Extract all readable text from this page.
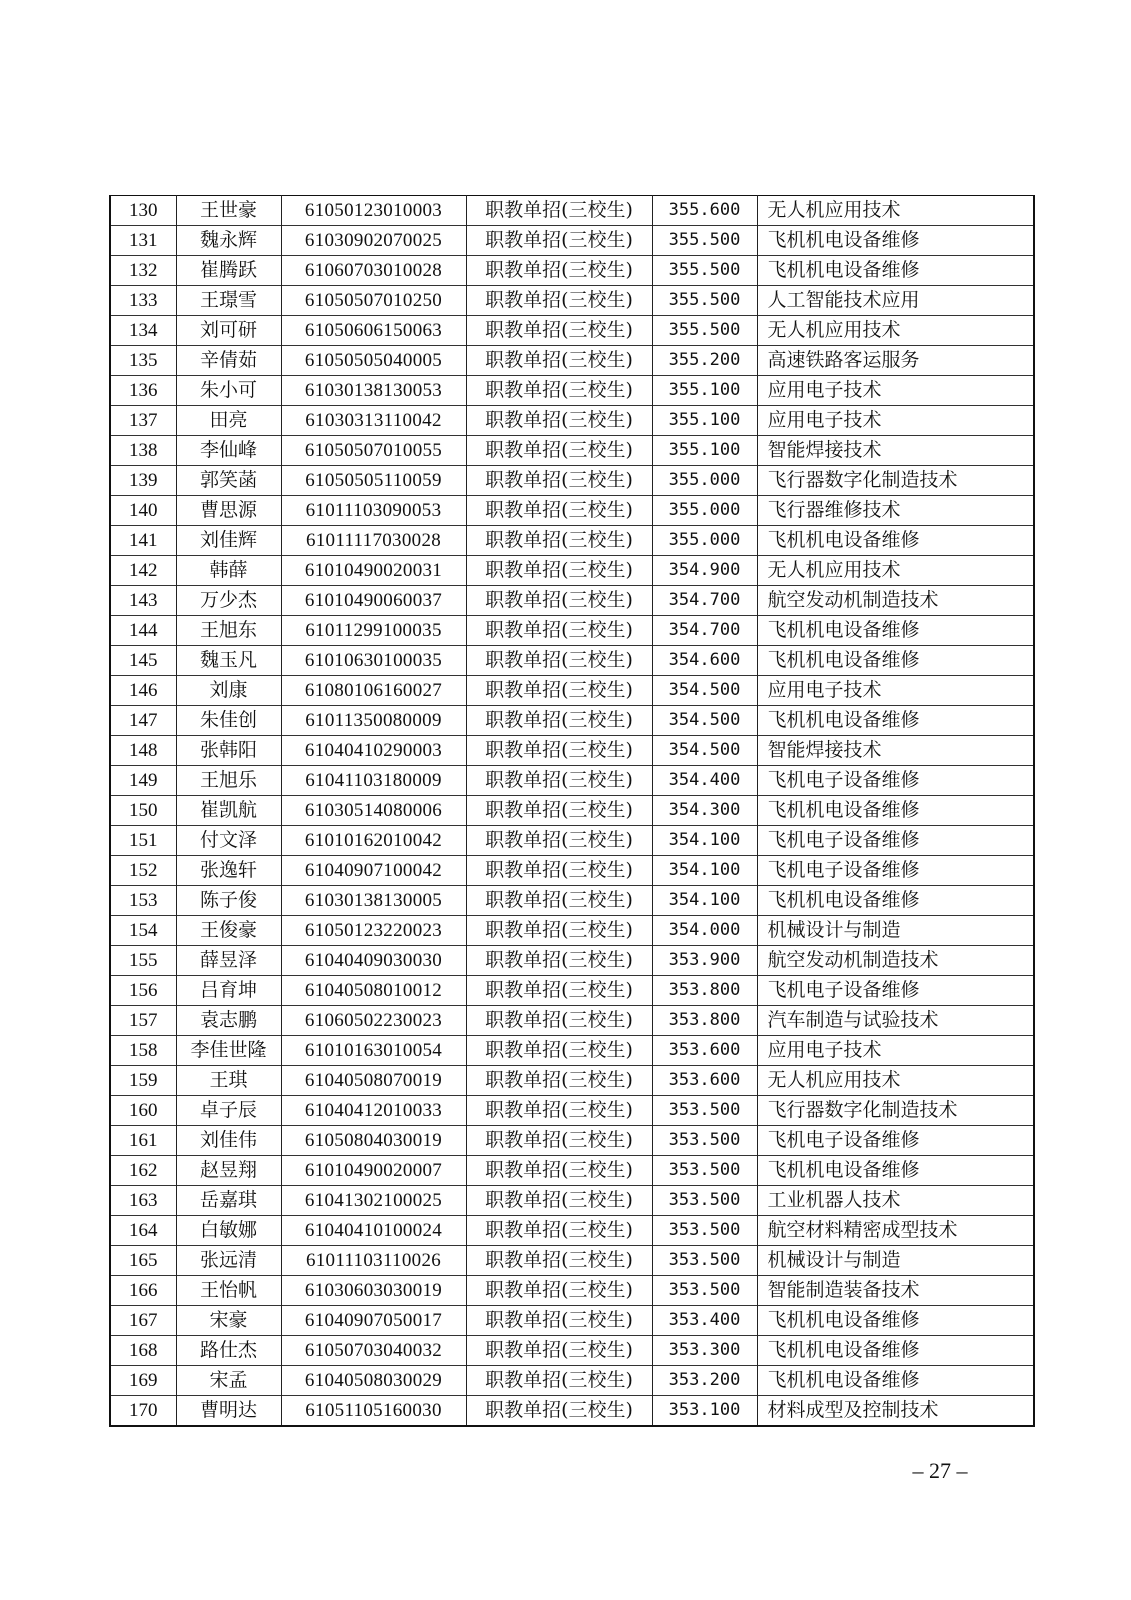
130	王世豪	61050123010003	职教单招(三校生)	355.600	无人机应用技术
131	魏永辉	61030902070025	职教单招(三校生)	355.500	飞机机电设备维修
132	崔腾跃	61060703010028	职教单招(三校生)	355.500	飞机机电设备维修
133	王璟雪	61050507010250	职教单招(三校生)	355.500	人工智能技术应用
134	刘可研	61050606150063	职教单招(三校生)	355.500	无人机应用技术
135	辛倩茹	61050505040005	职教单招(三校生)	355.200	高速铁路客运服务
136	朱小可	61030138130053	职教单招(三校生)	355.100	应用电子技术
137	田亮	61030313110042	职教单招(三校生)	355.100	应用电子技术
138	李仙峰	61050507010055	职教单招(三校生)	355.100	智能焊接技术
139	郭笑菡	61050505110059	职教单招(三校生)	355.000	飞行器数字化制造技术
140	曹思源	61011103090053	职教单招(三校生)	355.000	飞行器维修技术
141	刘佳辉	61011117030028	职教单招(三校生)	355.000	飞机机电设备维修
142	韩薛	61010490020031	职教单招(三校生)	354.900	无人机应用技术
143	万少杰	61010490060037	职教单招(三校生)	354.700	航空发动机制造技术
144	王旭东	61011299100035	职教单招(三校生)	354.700	飞机机电设备维修
145	魏玉凡	61010630100035	职教单招(三校生)	354.600	飞机机电设备维修
146	刘康	61080106160027	职教单招(三校生)	354.500	应用电子技术
147	朱佳创	61011350080009	职教单招(三校生)	354.500	飞机机电设备维修
148	张韩阳	61040410290003	职教单招(三校生)	354.500	智能焊接技术
149	王旭乐	61041103180009	职教单招(三校生)	354.400	飞机电子设备维修
150	崔凯航	61030514080006	职教单招(三校生)	354.300	飞机机电设备维修
151	付文泽	61010162010042	职教单招(三校生)	354.100	飞机电子设备维修
152	张逸轩	61040907100042	职教单招(三校生)	354.100	飞机电子设备维修
153	陈子俊	61030138130005	职教单招(三校生)	354.100	飞机机电设备维修
154	王俊豪	61050123220023	职教单招(三校生)	354.000	机械设计与制造
155	薛昱泽	61040409030030	职教单招(三校生)	353.900	航空发动机制造技术
156	吕育坤	61040508010012	职教单招(三校生)	353.800	飞机电子设备维修
157	袁志鹏	61060502230023	职教单招(三校生)	353.800	汽车制造与试验技术
158	李佳世隆	61010163010054	职教单招(三校生)	353.600	应用电子技术
159	王琪	61040508070019	职教单招(三校生)	353.600	无人机应用技术
160	卓子辰	61040412010033	职教单招(三校生)	353.500	飞行器数字化制造技术
161	刘佳伟	61050804030019	职教单招(三校生)	353.500	飞机电子设备维修
162	赵昱翔	61010490020007	职教单招(三校生)	353.500	飞机机电设备维修
163	岳嘉琪	61041302100025	职教单招(三校生)	353.500	工业机器人技术
164	白敏娜	61040410100024	职教单招(三校生)	353.500	航空材料精密成型技术
165	张远清	61011103110026	职教单招(三校生)	353.500	机械设计与制造
166	王怡帆	61030603030019	职教单招(三校生)	353.500	智能制造装备技术
167	宋豪	61040907050017	职教单招(三校生)	353.400	飞机机电设备维修
168	路仕杰	61050703040032	职教单招(三校生)	353.300	飞机机电设备维修
169	宋孟	61040508030029	职教单招(三校生)	353.200	飞机机电设备维修
170	曹明达	61051105160030	职教单招(三校生)	353.100	材料成型及控制技术
– 27 –
